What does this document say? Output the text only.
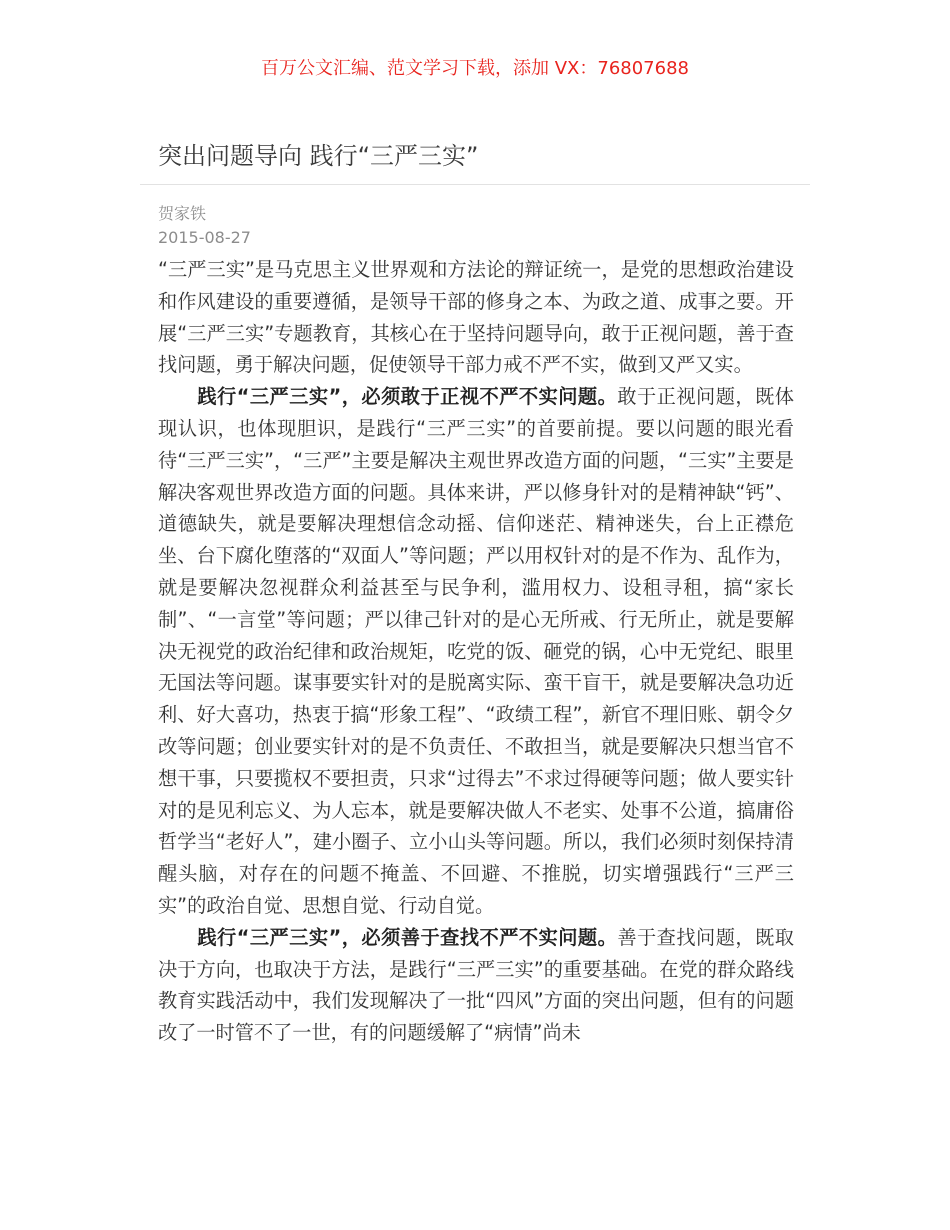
百万公文汇编、范文学习下载，添加 VX：76807688
突出问题导向 践行“三严三实”
贺家铁
2015-08-27

“三严三实”是马克思主义世界观和方法论的辩证统一，是党的思想政治建设和作风建设的重要遵循，是领导干部的修身之本、为政之道、成事之要。开展“三严三实”专题教育，其核心在于坚持问题导向，敢于正视问题，善于查找问题，勇于解决问题，促使领导干部力戒不严不实，做到又严又实。

践行“三严三实”，必须敢于正视不严不实问题。敢于正视问题，既体现认识，也体现胆识，是践行“三严三实”的首要前提。要以问题的眼光看待“三严三实”，“三严”主要是解决主观世界改造方面的问题，“三实”主要是解决客观世界改造方面的问题。具体来讲，严以修身针对的是精神缺“钙”、道德缺失，就是要解决理想信念动摇、信仰迷茫、精神迷失，台上正襟危坐、台下腐化堕落的“双面人”等问题；严以用权针对的是不作为、乱作为，就是要解决忽视群众利益甚至与民争利，滥用权力、设租寻租，搞“家长制”、“一言堂”等问题；严以律己针对的是心无所戒、行无所止，就是要解决无视党的政治纪律和政治规矩，吃党的饭、砸党的锅，心中无党纪、眼里无国法等问题。谋事要实针对的是脱离实际、蛮干盲干，就是要解决急功近利、好大喜功，热衷于搞“形象工程”、“政绩工程”，新官不理旧账、朝令夕改等问题；创业要实针对的是不负责任、不敢担当，就是要解决只想当官不想干事，只要揽权不要担责，只求“过得去”不求过得硬等问题；做人要实针对的是见利忘义、为人忘本，就是要解决做人不老实、处事不公道，搞庸俗哲学当“老好人”，建小圈子、立小山头等问题。所以，我们必须时刻保持清醒头脑，对存在的问题不掩盖、不回避、不推脱，切实增强践行“三严三实”的政治自觉、思想自觉、行动自觉。

践行“三严三实”，必须善于查找不严不实问题。善于查找问题，既取决于方向，也取决于方法，是践行“三严三实”的重要基础。在党的群众路线教育实践活动中，我们发现解决了一批“四风”方面的突出问题，但有的问题改了一时管不了一世，有的问题缓解了“病情”尚未
